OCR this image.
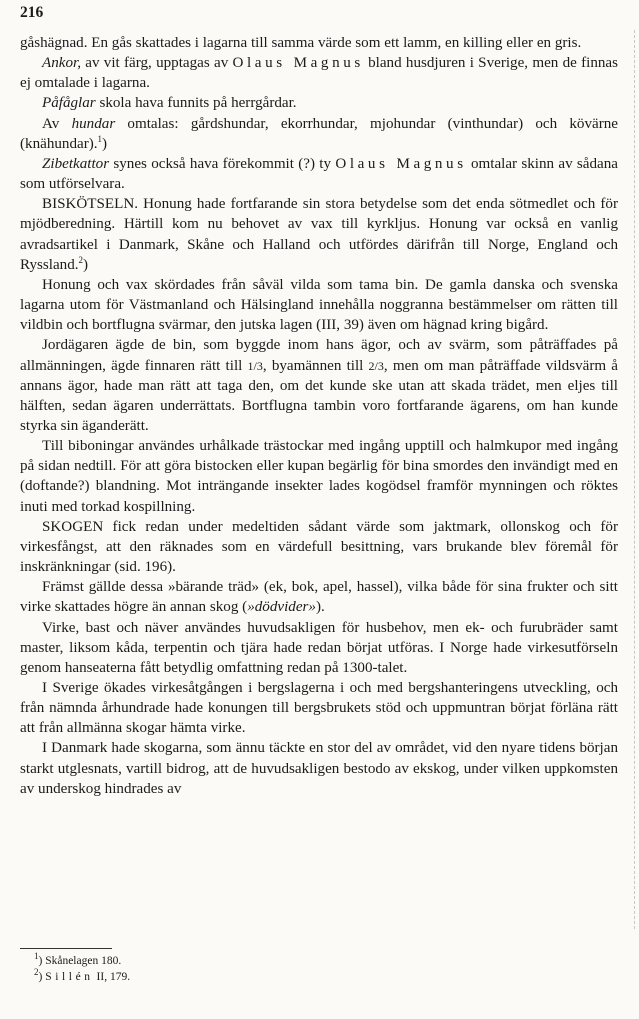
216

gåshägnad. En gås skattades i lagarna till samma värde som ett lamm, en killing eller en gris.

Ankor, av vit färg, upptagas av Olaus Magnus bland husdjuren i Sverige, men de finnas ej omtalade i lagarna.

Påfåglar skola hava funnits på herrgårdar.

Av hundar omtalas: gårdshundar, ekorrhundar, mjohundar (vinthundar) och kövärne (knähundar).$^1$)

Zibetkattor synes också hava förekommit (?) ty Olaus Magnus omtalar skinn av sådana som utförselvara.

BISKÖTSELN. Honung hade fortfarande sin stora betydelse som det enda sötmedlet och för mjödberedning. Härtill kom nu behovet av vax till kyrkljus. Honung var också en vanlig avradsartikel i Danmark, Skåne och Halland och utfördes därifrån till Norge, England och Ryssland.$^2$)

Honung och vax skördades från såväl vilda som tama bin. De gamla danska och svenska lagarna utom för Västmanland och Hälsingland innehålla noggranna bestämmelser om rätten till vildbin och bortflugna svärmar, den jutska lagen (III, 39) även om hägnad kring bigård.

Jordägaren ägde de bin, som byggde inom hans ägor, och av svärm, som påträffades på allmänningen, ägde finnaren rätt till 1/3, byamännen till 2/3, men om man påträffade vildsvärm å annans ägor, hade man rätt att taga den, om det kunde ske utan att skada trädet, men eljes till hälften, sedan ägaren underrättats. Bortflugna tambin voro fortfarande ägarens, om han kunde styrka sin äganderätt.

Till biboningar användes urhålkade trästockar med ingång upptill och halmkupor med ingång på sidan nedtill. För att göra bistocken eller kupan begärlig för bina smordes den invändigt med en (doftande?) blandning. Mot inträngande insekter lades kogödsel framför mynningen och röktes inuti med torkad kospillning.

SKOGEN fick redan under medeltiden sådant värde som jaktmark, ollonskog och för virkesfångst, att den räknades som en värdefull besittning, vars brukande blev föremål för inskränkningar (sid. 196).

Främst gällde dessa »bärande träd» (ek, bok, apel, hassel), vilka både för sina frukter och sitt virke skattades högre än annan skog (»dödvider»).

Virke, bast och näver användes huvudsakligen för husbehov, men ek- och furubräder samt master, liksom kåda, terpentin och tjära hade redan börjat utföras. I Norge hade virkesutförseln genom hanseaterna fått betydlig omfattning redan på 1300-talet.

I Sverige ökades virkesåtgången i bergslagerna i och med bergshanteringens utveckling, och från nämnda århundrade hade konungen till bergsbrukets stöd och uppmuntran börjat förläna rätt att från allmänna skogar hämta virke.

I Danmark hade skogarna, som ännu täckte en stor del av området, vid den nyare tidens början starkt utglesnats, vartill bidrog, att de huvudsakligen bestodo av ekskog, under vilken uppkomsten av underskog hindrades av

$^1$) Skånelagen 180.

$^2$) Sillén II, 179.
